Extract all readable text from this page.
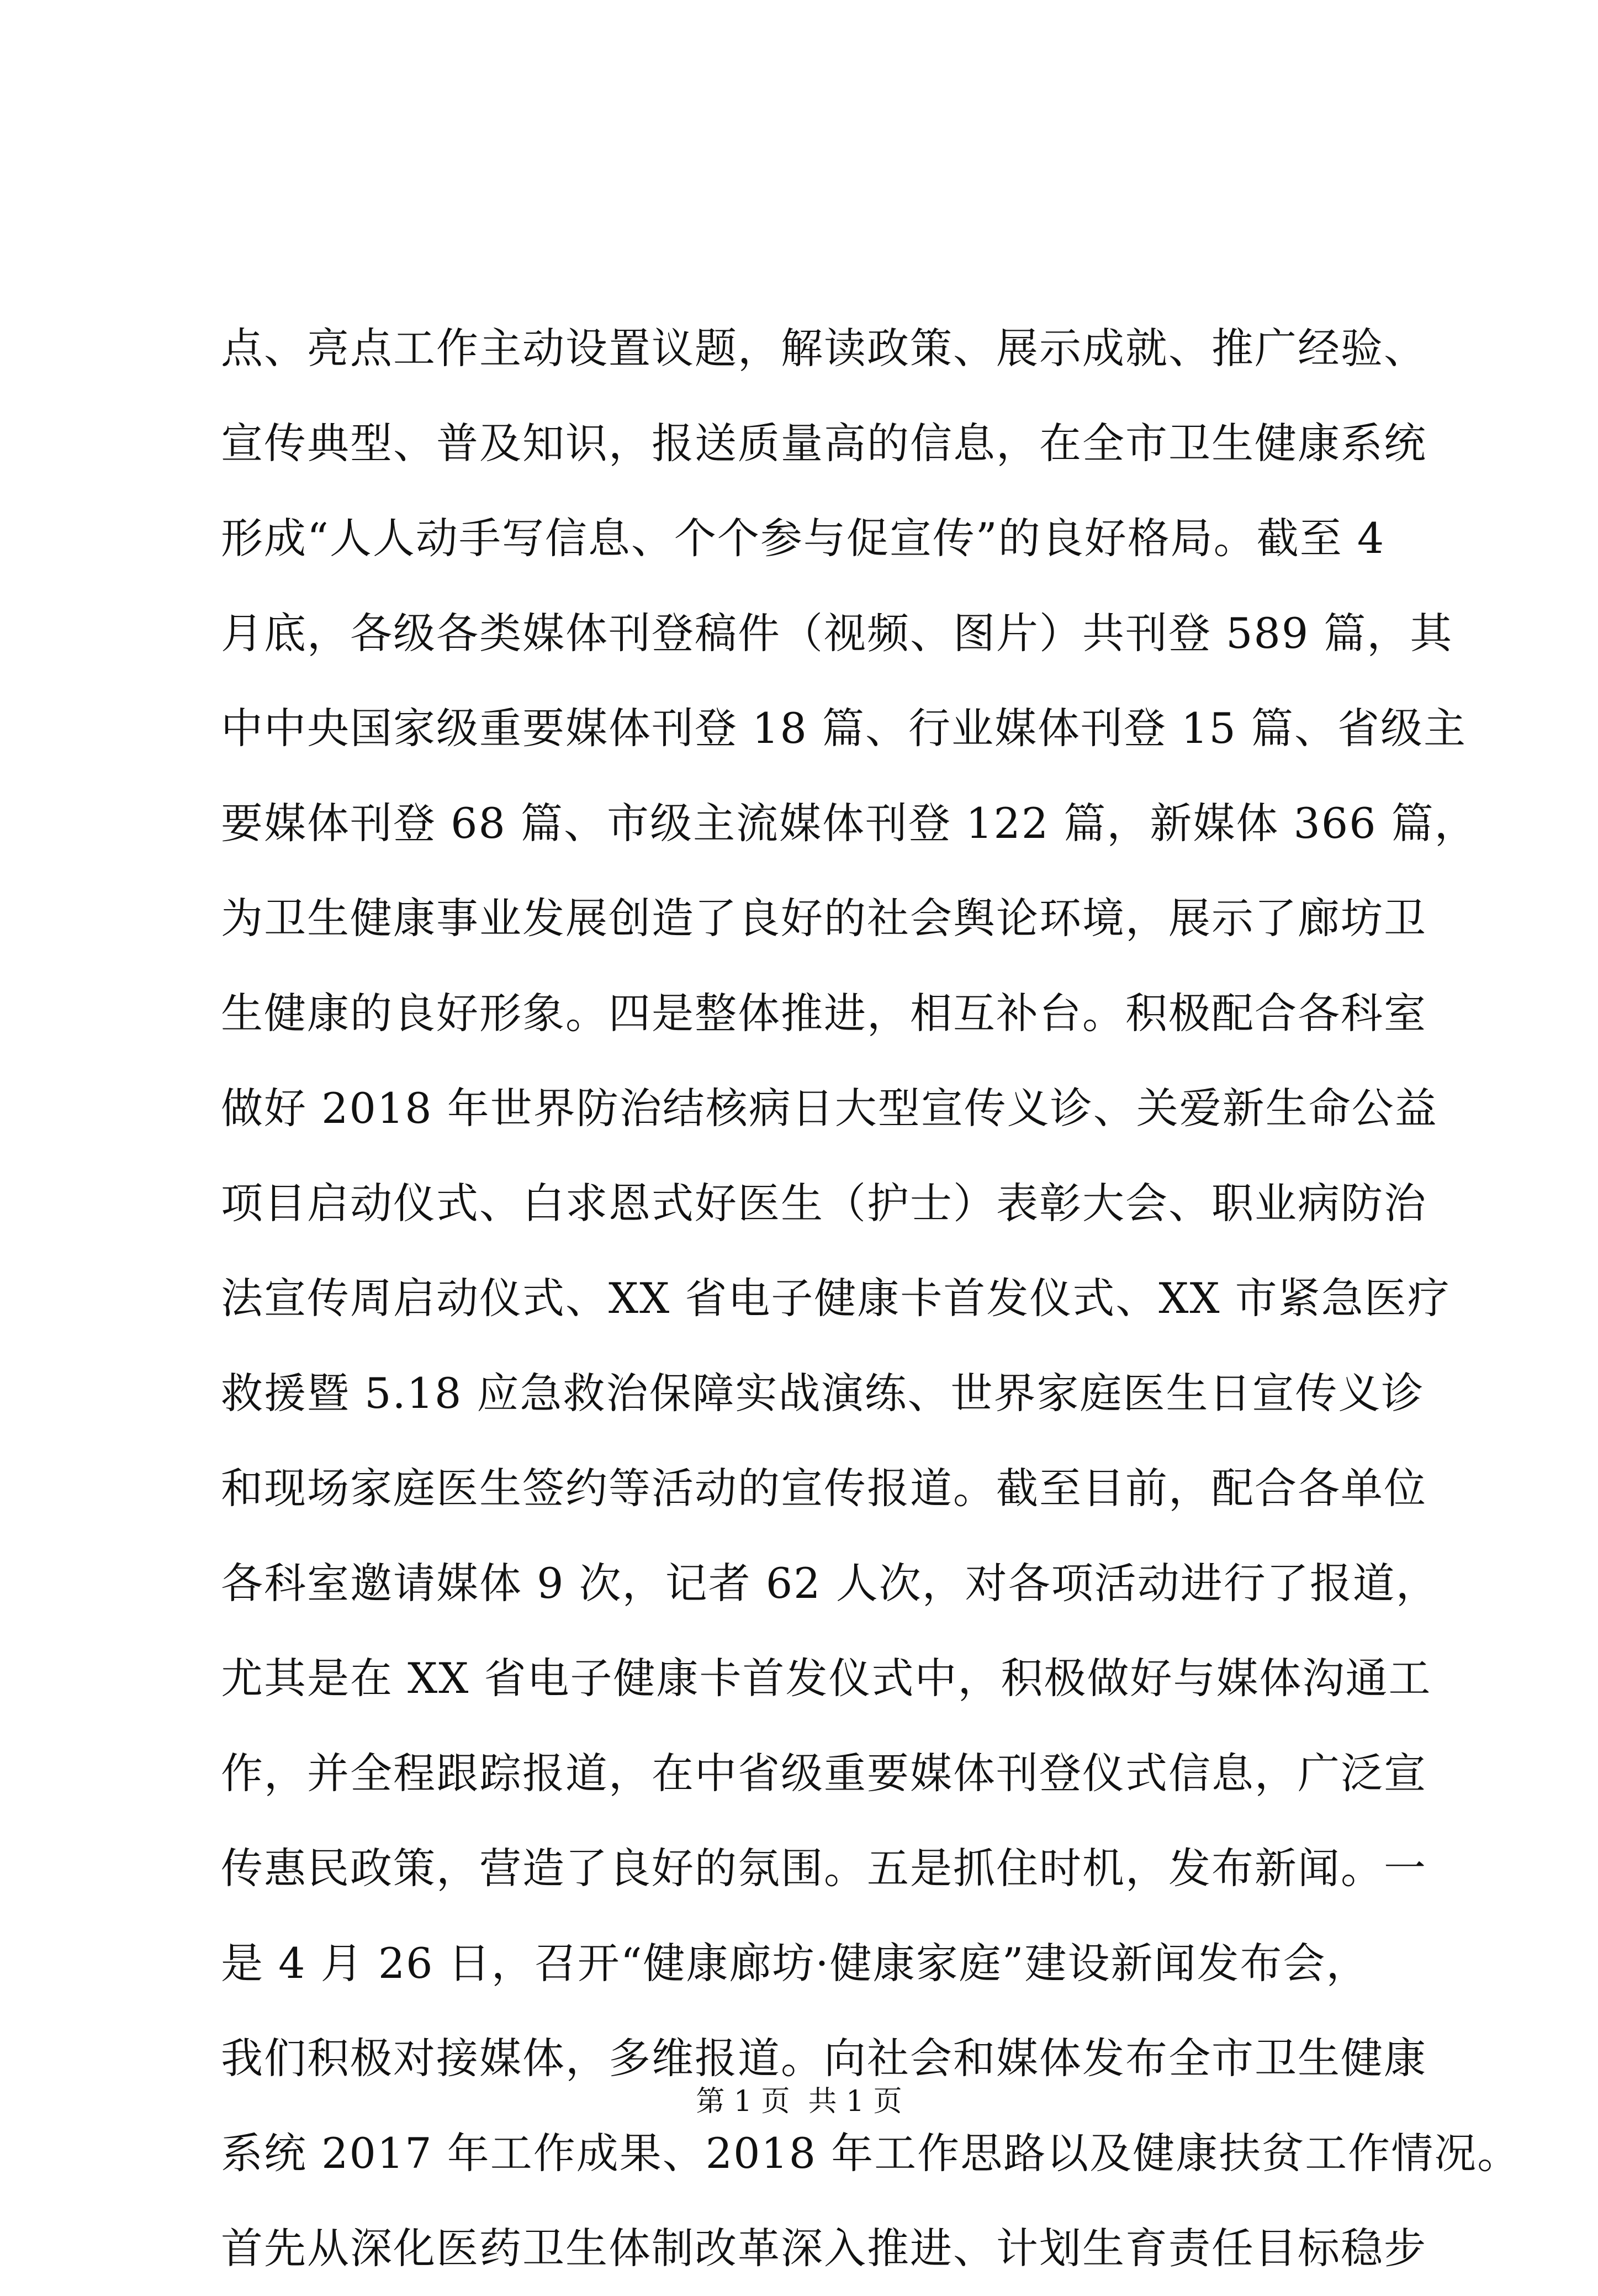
点、亮点工作主动设置议题，解读政策、展示成就、推广经验、
宣传典型、普及知识，报送质量高的信息，在全市卫生健康系统
形成“人人动手写信息、个个参与促宣传”的良好格局。截至 4
月底，各级各类媒体刊登稿件（视频、图片）共刊登 589 篇，其
中中央国家级重要媒体刊登 18 篇、行业媒体刊登 15 篇、省级主
要媒体刊登 68 篇、市级主流媒体刊登 122 篇，新媒体 366 篇，
为卫生健康事业发展创造了良好的社会舆论环境，展示了廊坊卫
生健康的良好形象。四是整体推进，相互补台。积极配合各科室
做好 2018 年世界防治结核病日大型宣传义诊、关爱新生命公益
项目启动仪式、白求恩式好医生（护士）表彰大会、职业病防治
法宣传周启动仪式、XX 省电子健康卡首发仪式、XX 市紧急医疗
救援暨 5.18 应急救治保障实战演练、世界家庭医生日宣传义诊
和现场家庭医生签约等活动的宣传报道。截至目前，配合各单位
各科室邀请媒体 9 次，记者 62 人次，对各项活动进行了报道，
尤其是在 XX 省电子健康卡首发仪式中，积极做好与媒体沟通工
作，并全程跟踪报道，在中省级重要媒体刊登仪式信息，广泛宣
传惠民政策，营造了良好的氛围。五是抓住时机，发布新闻。一
是 4 月 26 日，召开“健康廊坊·健康家庭”建设新闻发布会，
我们积极对接媒体，多维报道。向社会和媒体发布全市卫生健康
系统 2017 年工作成果、2018 年工作思路以及健康扶贫工作情况。
首先从深化医药卫生体制改革深入推进、计划生育责任目标稳步
第 1 页  共 1 页
